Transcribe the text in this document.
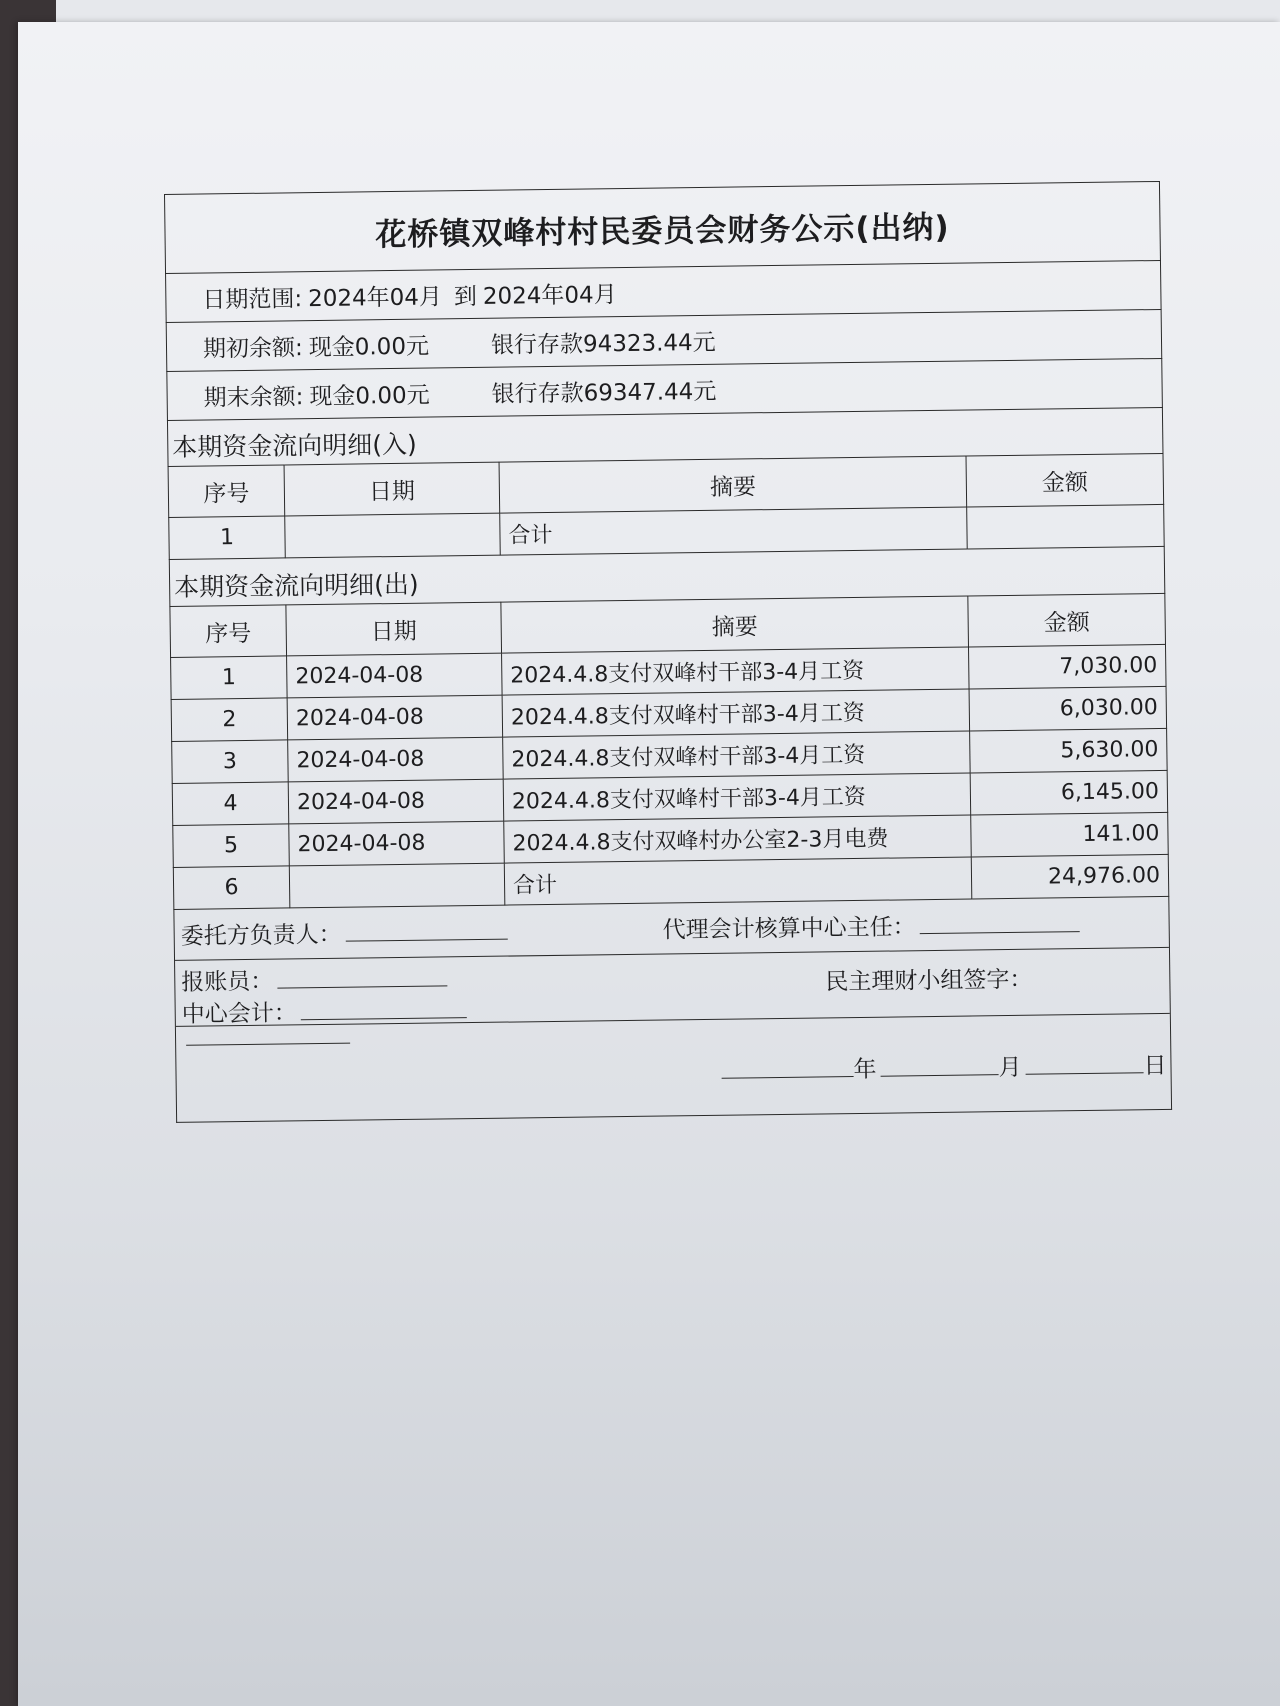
花桥镇双峰村村民委员会财务公示(出纳)
日期范围: 2024年04月 到 2024年04月
期初余额: 现金0.00元	银行存款94323.44元
期末余额: 现金0.00元	银行存款69347.44元
本期资金流向明细(入)
序号	日期	摘要	金额
1		合计	
本期资金流向明细(出)
序号	日期	摘要	金额
1	2024-04-08	2024.4.8支付双峰村干部3-4月工资	7,030.00
2	2024-04-08	2024.4.8支付双峰村干部3-4月工资	6,030.00
3	2024-04-08	2024.4.8支付双峰村干部3-4月工资	5,630.00
4	2024-04-08	2024.4.8支付双峰村干部3-4月工资	6,145.00
5	2024-04-08	2024.4.8支付双峰村办公室2-3月电费	141.00
6		合计	24,976.00
委托方负责人：	代理会计核算中心主任：
报账员：	民主理财小组签字：
中心会计：
年	月	日
